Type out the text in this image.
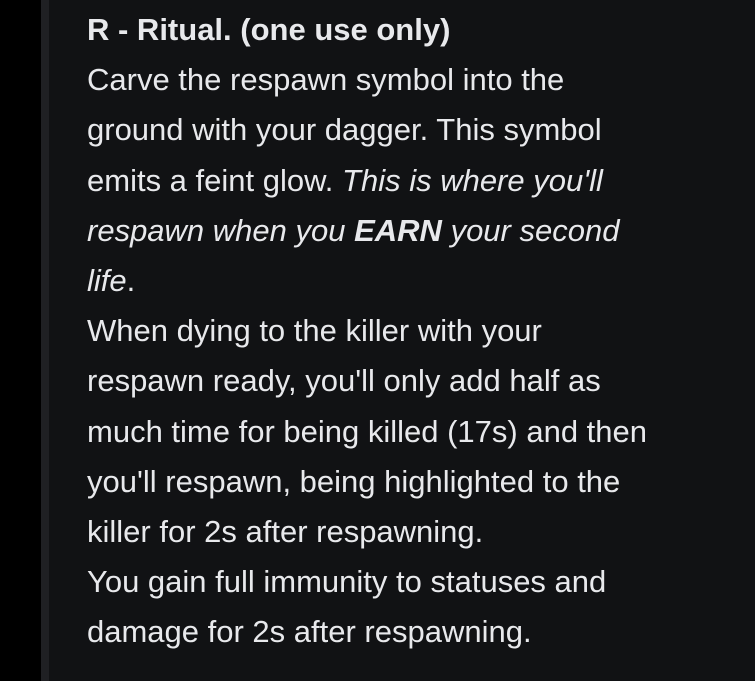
R - Ritual. (one use only)
Carve the respawn symbol into the
ground with your dagger. This symbol
emits a feint glow. This is where you'll
respawn when you EARN your second
life.
When dying to the killer with your
respawn ready, you'll only add half as
much time for being killed (17s) and then
you'll respawn, being highlighted to the
killer for 2s after respawning.
You gain full immunity to statuses and
damage for 2s after respawning.
